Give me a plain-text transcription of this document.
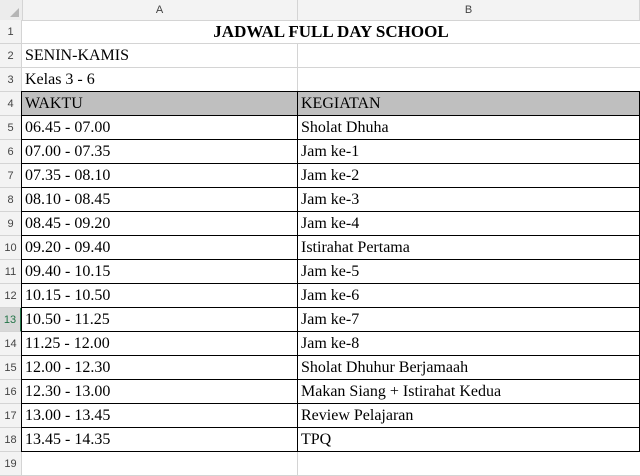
A	B
1
2
3
4
5
6
7
8
9
10
11
12
13
14
15
16
17
18
19
JADWAL FULL DAY SCHOOL
SENIN-KAMIS
Kelas 3 - 6
WAKTU	KEGIATAN
06.45 - 07.00	Sholat Dhuha
07.00 - 07.35	Jam ke-1
07.35 - 08.10	Jam ke-2
08.10 - 08.45	Jam ke-3
08.45 - 09.20	Jam ke-4
09.20 - 09.40	Istirahat Pertama
09.40 - 10.15	Jam ke-5
10.15 - 10.50	Jam ke-6
10.50 - 11.25	Jam ke-7
11.25 - 12.00	Jam ke-8
12.00 - 12.30	Sholat Dhuhur Berjamaah
12.30 - 13.00	Makan Siang + Istirahat Kedua
13.00 - 13.45	Review Pelajaran
13.45 - 14.35	TPQ
